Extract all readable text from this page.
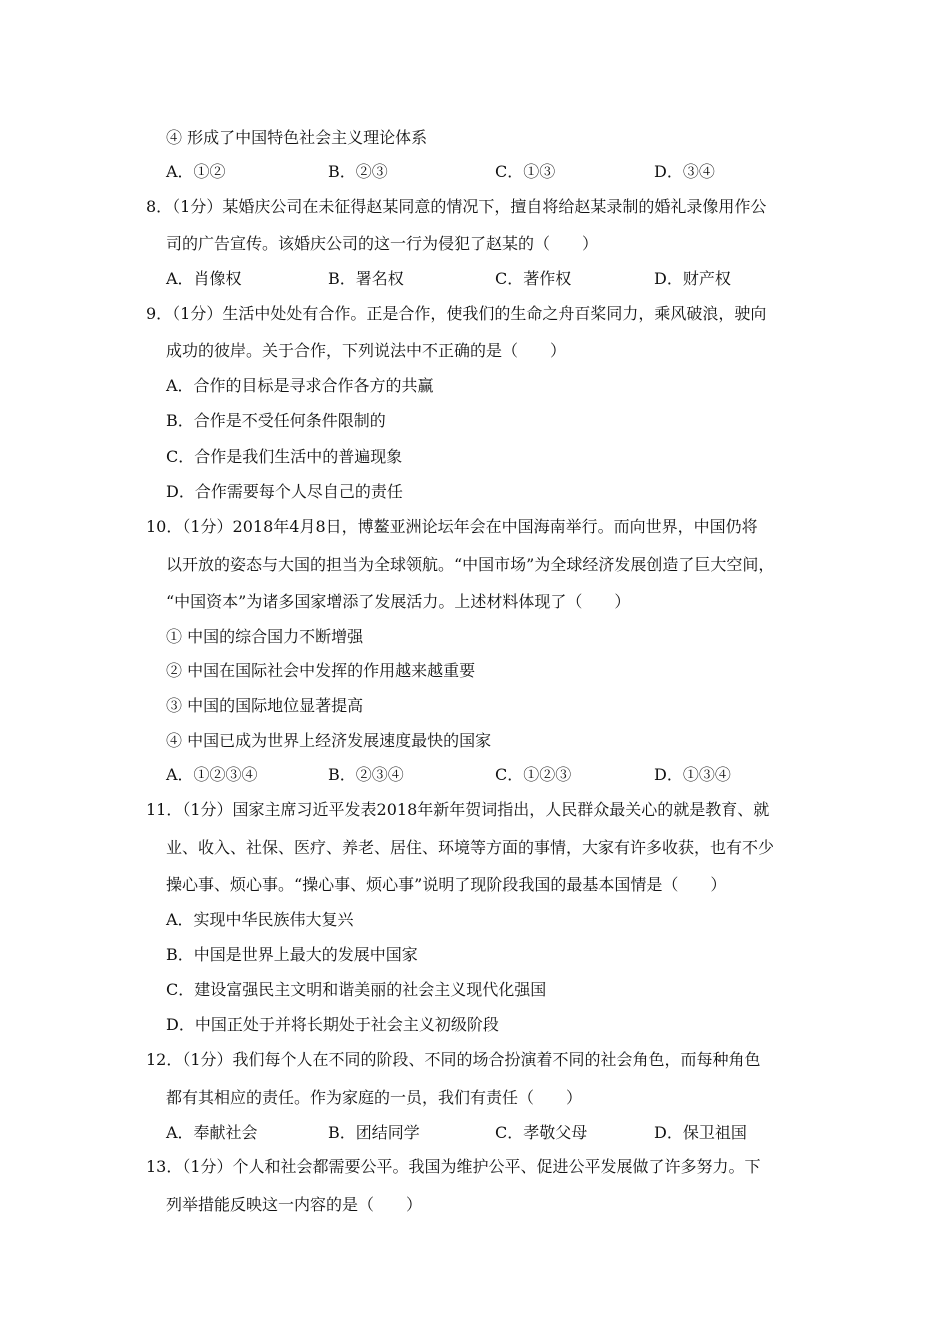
④ 形成了中国特色社会主义理论体系
A．①②	B．②③	C．①③	D．③④
8．（1分）某婚庆公司在未征得赵某同意的情况下，擅自将给赵某录制的婚礼录像用作公
司的广告宣传。该婚庆公司的这一行为侵犯了赵某的（　　）
A．肖像权	B．署名权	C．著作权	D．财产权
9．（1分）生活中处处有合作。正是合作，使我们的生命之舟百桨同力，乘风破浪，驶向
成功的彼岸。关于合作，下列说法中不正确的是（　　）
A．合作的目标是寻求合作各方的共赢
B．合作是不受任何条件限制的
C．合作是我们生活中的普遍现象
D．合作需要每个人尽自己的责任
10．（1分）2018年4月8日，博鳌亚洲论坛年会在中国海南举行。而向世界，中国仍将
以开放的姿态与大国的担当为全球领航。“中国市场”为全球经济发展创造了巨大空间，
“中国资本”为诸多国家增添了发展活力。上述材料体现了（　　）
① 中国的综合国力不断增强
② 中国在国际社会中发挥的作用越来越重要
③ 中国的国际地位显著提高
④ 中国已成为世界上经济发展速度最快的国家
A．①②③④	B．②③④	C．①②③	D．①③④
11．（1分）国家主席习近平发表2018年新年贺词指出，人民群众最关心的就是教育、就
业、收入、社保、医疗、养老、居住、环境等方面的事情，大家有许多收获，也有不少
操心事、烦心事。“操心事、烦心事”说明了现阶段我国的最基本国情是（　　）
A．实现中华民族伟大复兴
B．中国是世界上最大的发展中国家
C．建设富强民主文明和谐美丽的社会主义现代化强国
D．中国正处于并将长期处于社会主义初级阶段
12．（1分）我们每个人在不同的阶段、不同的场合扮演着不同的社会角色，而每种角色
都有其相应的责任。作为家庭的一员，我们有责任（　　）
A．奉献社会	B．团结同学	C．孝敬父母	D．保卫祖国
13．（1分）个人和社会都需要公平。我国为维护公平、促进公平发展做了许多努力。下
列举措能反映这一内容的是（　　）
